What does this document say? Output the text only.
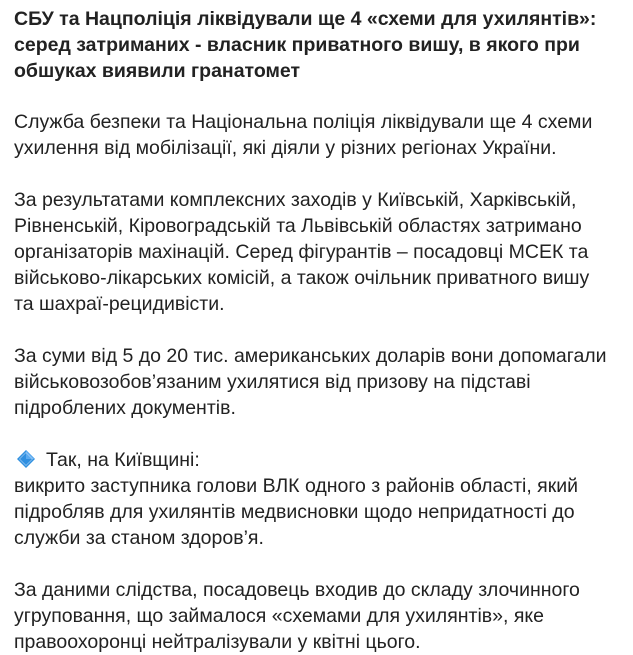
СБУ та Нацполіція ліквідували ще 4 «схеми для ухилянтів»:
серед затриманих - власник приватного вишу, в якого при
обшуках виявили гранатомет

Служба безпеки та Національна поліція ліквідували ще 4 схеми
ухилення від мобілізації, які діяли у різних регіонах України.

За результатами комплексних заходів у Київській, Харківській,
Рівненській, Кіровоградській та Львівській областях затримано
організаторів махінацій. Серед фігурантів – посадовці МСЕК та
військово-лікарських комісій, а також очільник приватного вишу
та шахраї-рецидивісти.

За суми від 5 до 20 тис. американських доларів вони допомагали
військовозобов’язаним ухилятися від призову на підставі
підроблених документів.

Так, на Київщині:
викрито заступника голови ВЛК одного з районів області, який
підробляв для ухилянтів медвисновки щодо непридатності до
служби за станом здоров’я.

За даними слідства, посадовець входив до складу злочинного
угруповання, що займалося «схемами для ухилянтів», яке
правоохоронці нейтралізували у квітні цього.
